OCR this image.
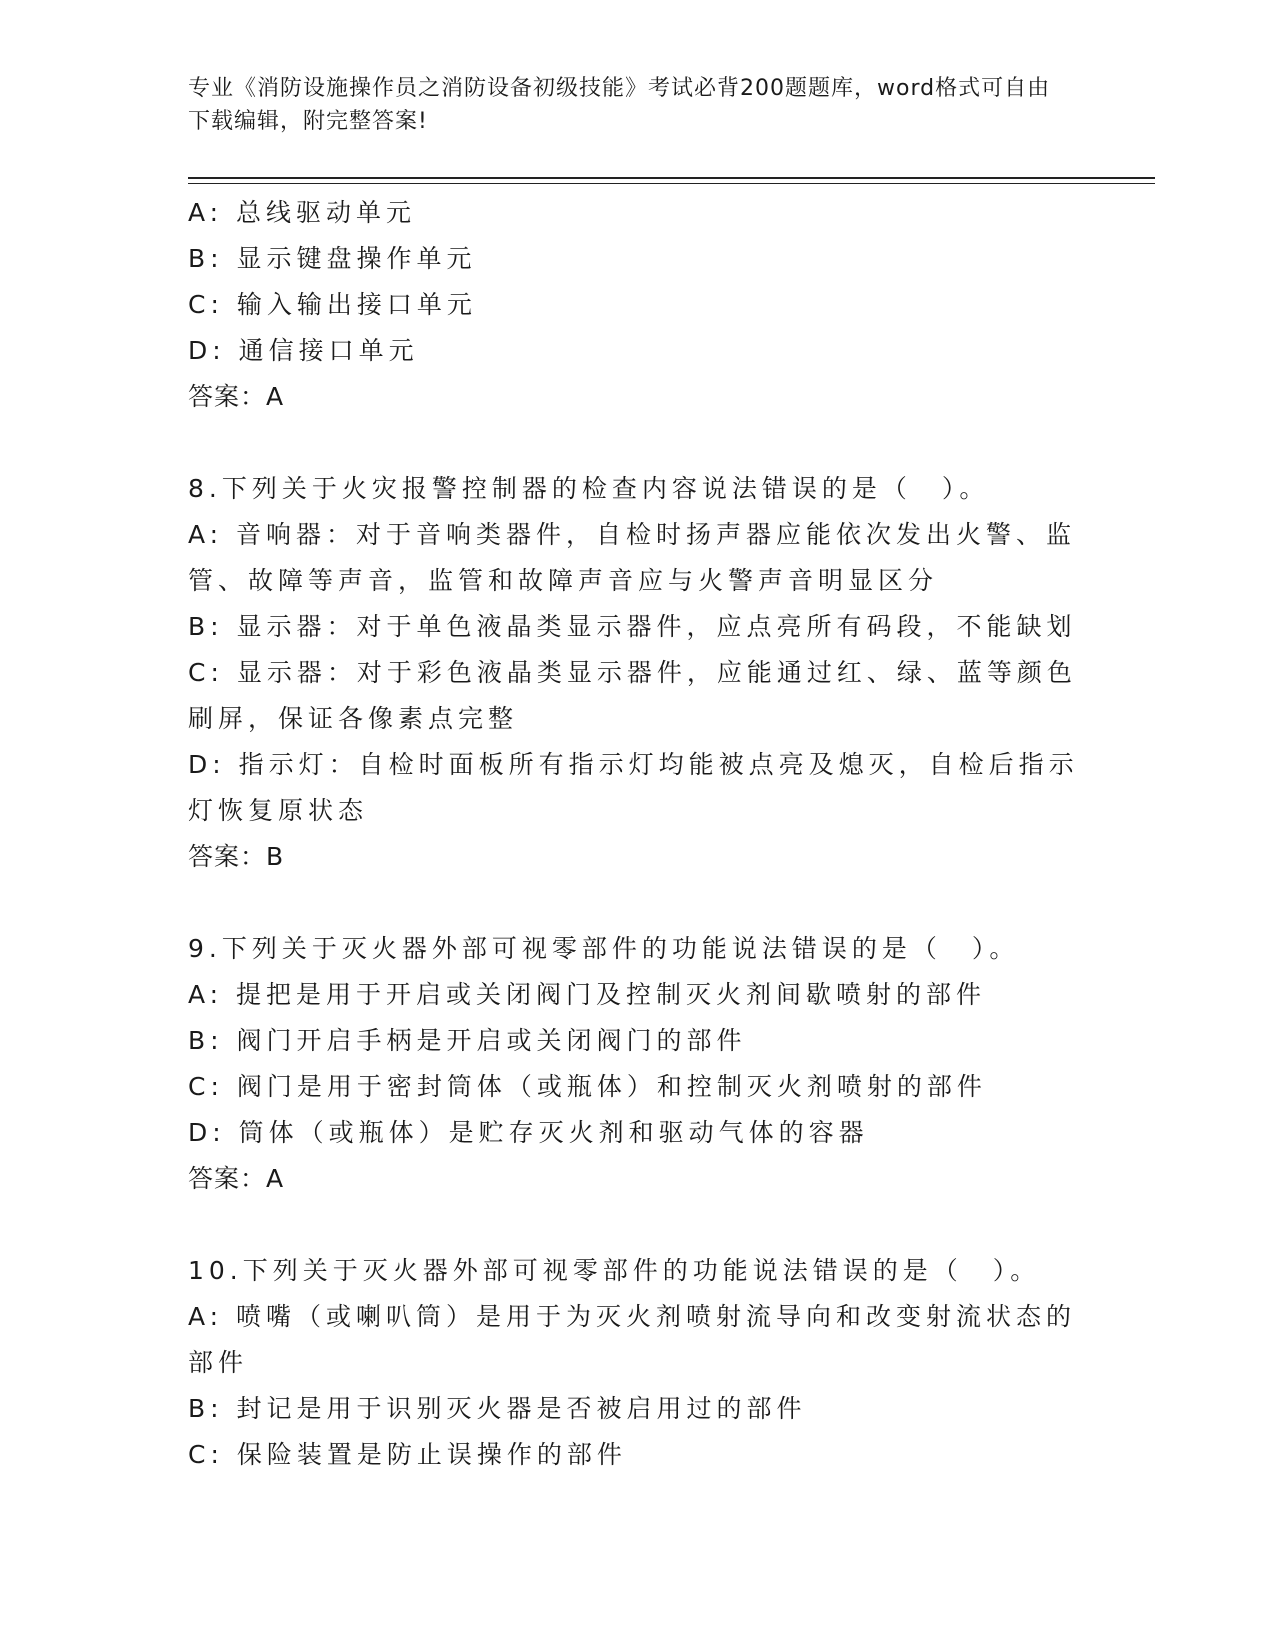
专业《消防设施操作员之消防设备初级技能》考试必背200题题库，word格式可自由下载编辑，附完整答案!

A: 总线驱动单元

B: 显示键盘操作单元

C: 输入输出接口单元

D: 通信接口单元

答案：A

8.下列关于火灾报警控制器的检查内容说法错误的是（　）。

A: 音响器：对于音响类器件，自检时扬声器应能依次发出火警、监管、故障等声音，监管和故障声音应与火警声音明显区分

B: 显示器：对于单色液晶类显示器件，应点亮所有码段，不能缺划

C: 显示器：对于彩色液晶类显示器件，应能通过红、绿、蓝等颜色刷屏，保证各像素点完整

D: 指示灯：自检时面板所有指示灯均能被点亮及熄灭，自检后指示灯恢复原状态

答案：B

9.下列关于灭火器外部可视零部件的功能说法错误的是（　）。

A: 提把是用于开启或关闭阀门及控制灭火剂间歇喷射的部件

B: 阀门开启手柄是开启或关闭阀门的部件

C: 阀门是用于密封筒体（或瓶体）和控制灭火剂喷射的部件

D: 筒体（或瓶体）是贮存灭火剂和驱动气体的容器

答案：A

10.下列关于灭火器外部可视零部件的功能说法错误的是（　）。

A: 喷嘴（或喇叭筒）是用于为灭火剂喷射流导向和改变射流状态的部件

B: 封记是用于识别灭火器是否被启用过的部件

C: 保险装置是防止误操作的部件
